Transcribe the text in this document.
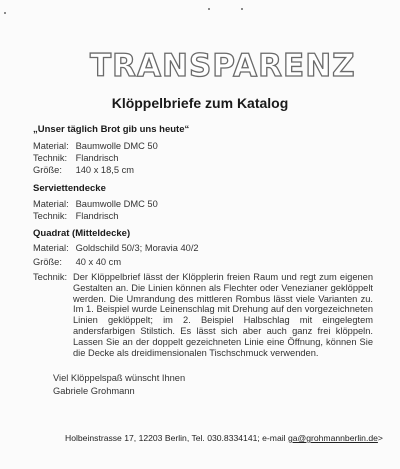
TRANSPARENZ
Klöppelbriefe zum Katalog
„Unser täglich Brot gib uns heute“
Material: Baumwolle DMC 50
Technik: Flandrisch
Größe: 140 x 18,5 cm
Serviettendecke
Material: Baumwolle DMC 50
Technik: Flandrisch
Quadrat (Mitteldecke)
Material: Goldschild 50/3; Moravia 40/2
Größe: 40 x 40 cm
Technik: Der Klöppelbrief lässt der Klöpplerin freien Raum und regt zum eigenen Gestalten an. Die Linien können als Flechter oder Venezianer geklöppelt werden. Die Umrandung des mittleren Rombus lässt viele Varianten zu. Im 1. Beispiel wurde Leinenschlag mit Drehung auf den vorgezeichneten Linien geklöppelt; im 2. Beispiel Halbschlag mit eingelegtem andersfarbigen Stilstich. Es lässt sich aber auch ganz frei klöppeln. Lassen Sie an der doppelt gezeichneten Linie eine Öffnung, können Sie die Decke als dreidimensionalen Tischschmuck verwenden.
Viel Klöppelspaß wünscht Ihnen
Gabriele Grohmann
Holbeinstrasse 17, 12203 Berlin, Tel. 030.8334141; e-mail ga@grohmannberlin.de>
